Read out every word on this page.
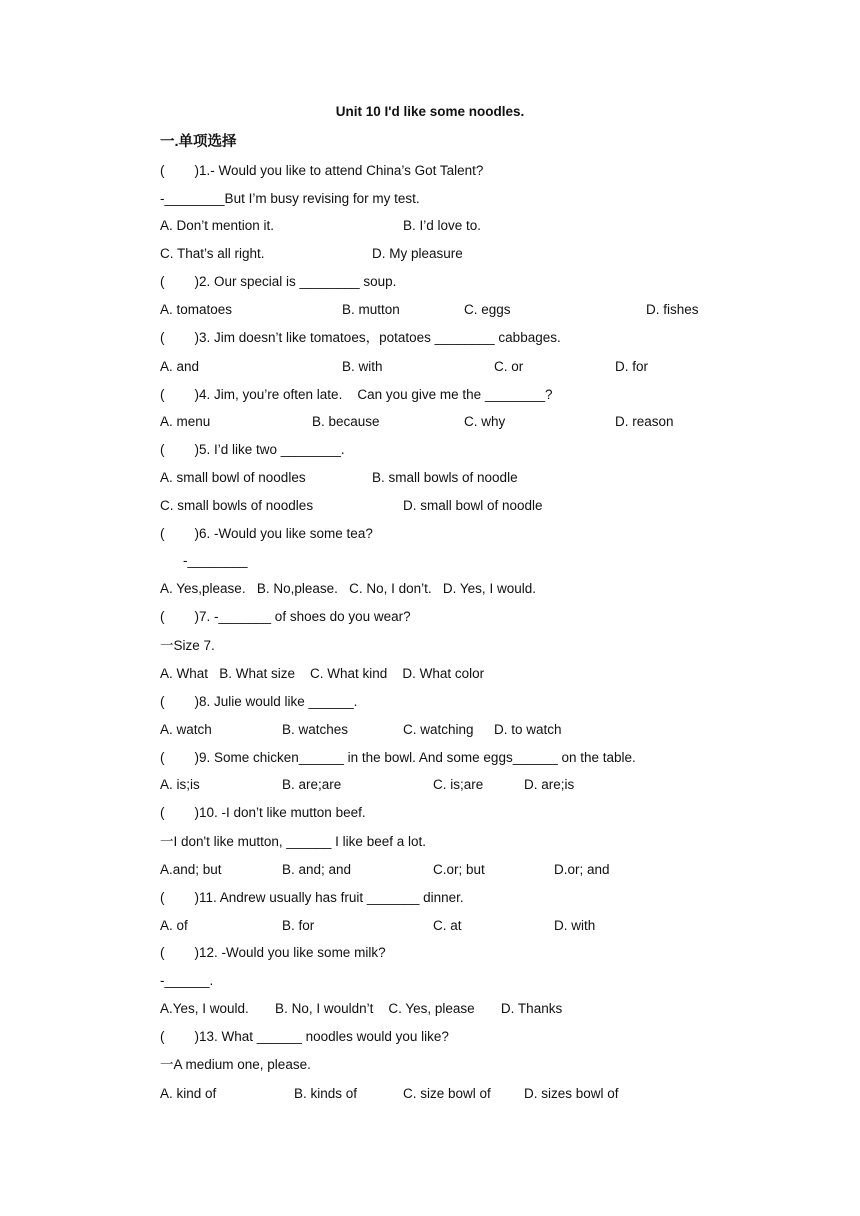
Unit 10 I'd like some noodles.
一.单项选择
(        )1.- Would you like to attend China’s Got Talent?
-________But I’m busy revising for my test.
A. Don’t mention it.	B. I’d love to.
C. That’s all right.	D. My pleasure
(        )2. Our special is ________ soup.
A. tomatoes	B. mutton	C. eggs	D. fishes
(        )3. Jim doesn’t like tomatoes，potatoes ________ cabbages.
A. and	B. with	C. or	D. for
(        )4. Jim, you’re often late.    Can you give me the ________?
A. menu	B. because	C. why	D. reason
(        )5. I’d like two ________.
A. small bowl of noodles	B. small bowls of noodle
C. small bowls of noodles	D. small bowl of noodle
(        )6. -Would you like some tea?
-________
A. Yes,please.   B. No,please.   C. No, I don’t.   D. Yes, I would.
(        )7. -_______ of shoes do you wear?
一Size 7.
A. What   B. What size    C. What kind    D. What color
(        )8. Julie would like ______.
A. watch	B. watches	C. watching D. to watch
(        )9. Some chicken______ in the bowl. And some eggs______ on the table.
A. is;is	B. are;are	C. is;are	D. are;is
(        )10. -I don’t like mutton beef.
一I don't like mutton, ______ I like beef a lot.
A.and; but	B. and; and	C.or; but	D.or; and
(        )11. Andrew usually has fruit _______ dinner.
A. of	B. for	C. at	D. with
(        )12. -Would you like some milk?
-______.
A.Yes, I would.       B. No, I wouldn’t    C. Yes, please       D. Thanks
(        )13. What ______ noodles would you like?
一A medium one, please.
A. kind of	B. kinds of	C. size bowl of D. sizes bowl of
